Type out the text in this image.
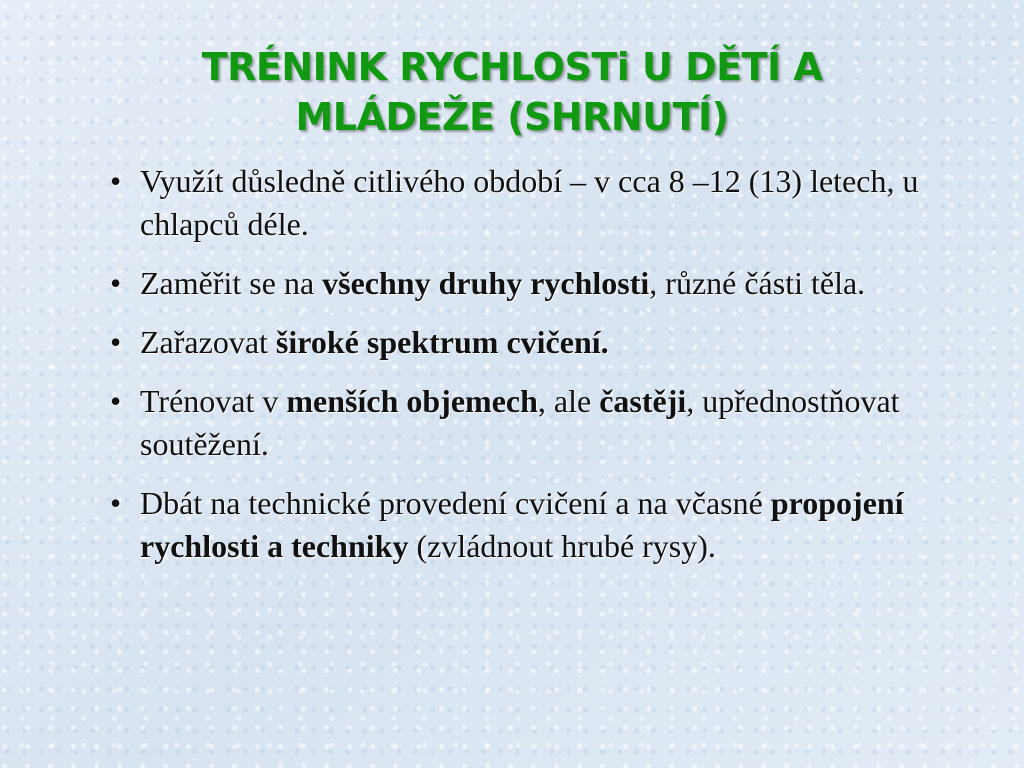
TRÉNINK RYCHLOSTi U DĚTÍ A
MLÁDEŽE (SHRNUTÍ)
• Využít důsledně citlivého období – v cca 8 –12 (13) letech, u chlapců déle.
• Zaměřit se na všechny druhy rychlosti, různé části těla.
• Zařazovat široké spektrum cvičení.
• Trénovat v menších objemech, ale častěji, upřednostňovat soutěžení.
• Dbát na technické provedení cvičení a na včasné propojení rychlosti a techniky (zvládnout hrubé rysy).
